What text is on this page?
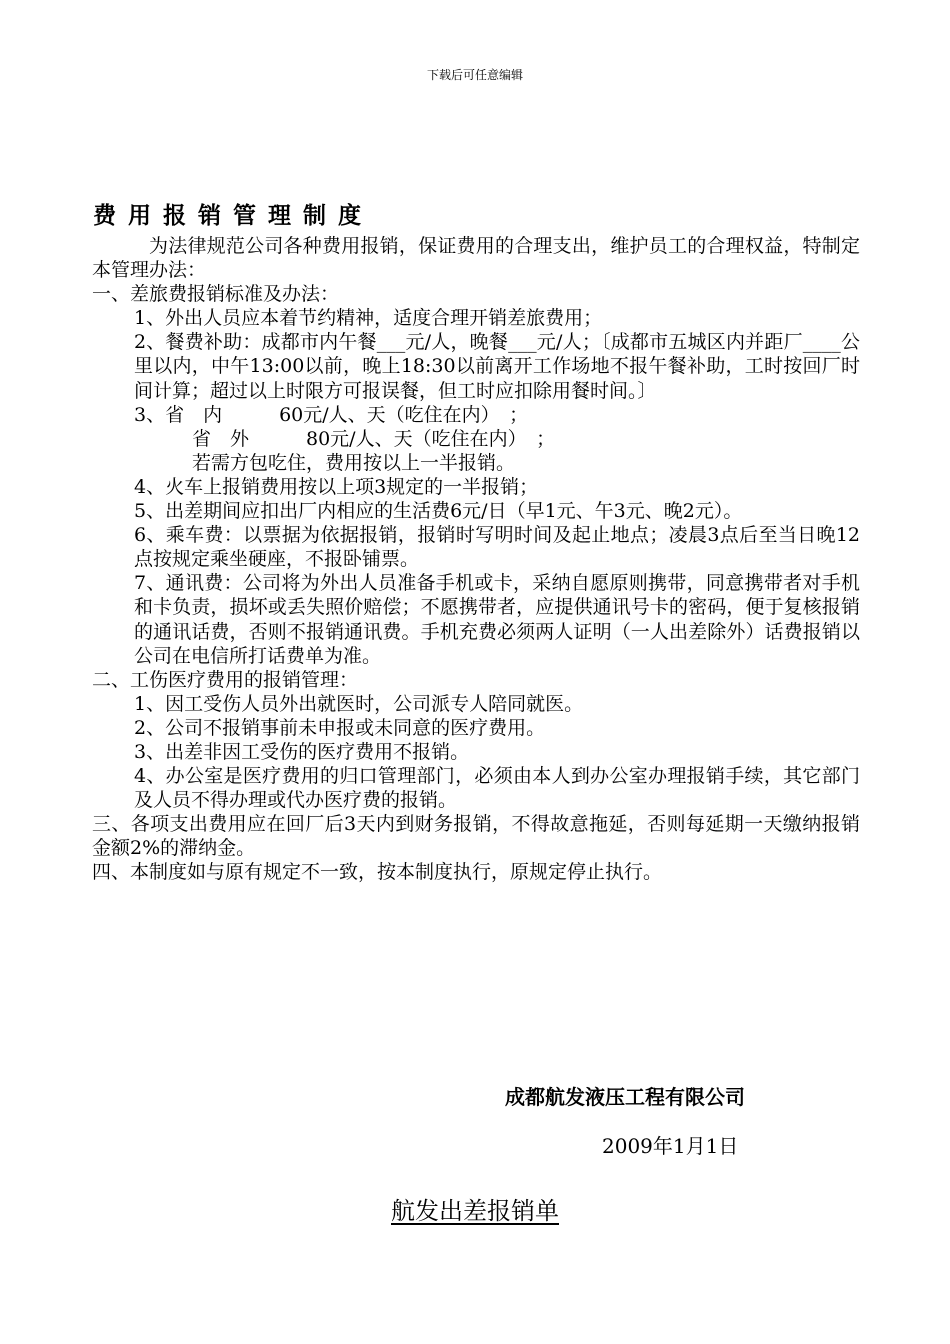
下载后可任意编辑
费用报销管理制度
为法律规范公司各种费用报销，保证费用的合理支出，维护员工的合理权益，特制定本管理办法：
一、差旅费报销标准及办法：
1、外出人员应本着节约精神，适度合理开销差旅费用；
2、餐费补助：成都市内午餐___元/人，晚餐___元/人；〔成都市五城区内并距厂____公里以内，中午13:00以前，晚上18:30以前离开工作场地不报午餐补助，工时按回厂时间计算；超过以上时限方可报误餐，但工时应扣除用餐时间。〕
3、省　内　　　60元/人、天（吃住在内）　；
省　外　　　80元/人、天（吃住在内）　；
若需方包吃住，费用按以上一半报销。
4、火车上报销费用按以上项3规定的一半报销；
5、出差期间应扣出厂内相应的生活费6元/日（早1元、午3元、晚2元）。
6、乘车费：以票据为依据报销，报销时写明时间及起止地点；凌晨3点后至当日晚12点按规定乘坐硬座，不报卧铺票。
7、通讯费：公司将为外出人员准备手机或卡，采纳自愿原则携带，同意携带者对手机和卡负责，损坏或丢失照价赔偿；不愿携带者，应提供通讯号卡的密码，便于复核报销的通讯话费，否则不报销通讯费。手机充费必须两人证明（一人出差除外）话费报销以公司在电信所打话费单为准。
二、工伤医疗费用的报销管理：
1、因工受伤人员外出就医时，公司派专人陪同就医。
2、公司不报销事前未申报或未同意的医疗费用。
3、出差非因工受伤的医疗费用不报销。
4、办公室是医疗费用的归口管理部门，必须由本人到办公室办理报销手续，其它部门及人员不得办理或代办医疗费的报销。
三、各项支出费用应在回厂后3天内到财务报销，不得故意拖延，否则每延期一天缴纳报销金额2%的滞纳金。
四、本制度如与原有规定不一致，按本制度执行，原规定停止执行。
成都航发液压工程有限公司
2009年1月1日
航发出差报销单
